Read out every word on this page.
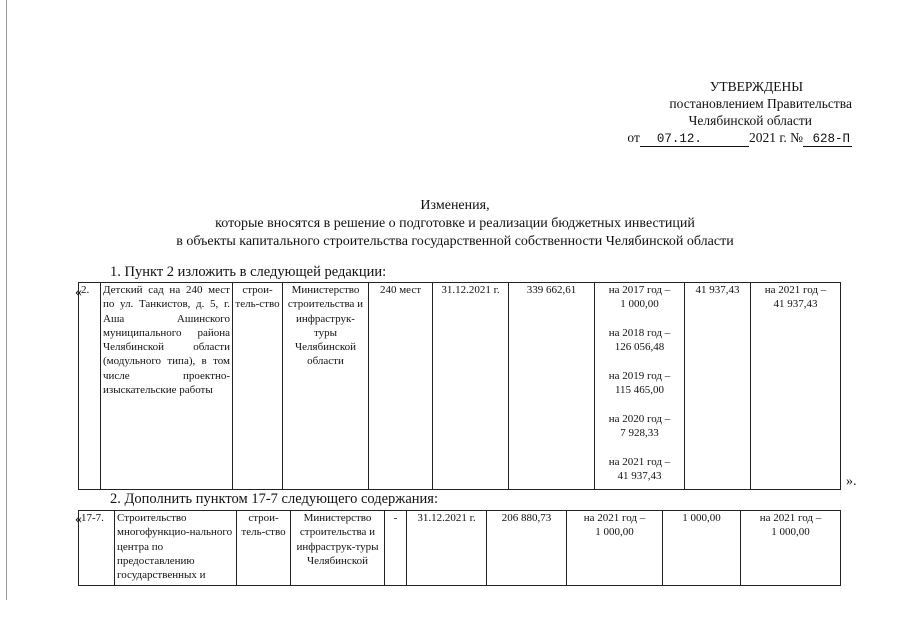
УТВЕРЖДЕНЫ
постановлением Правительства
Челябинской области
от 07.12.	2021 г. № 628-П
Изменения,
которые вносятся в решение о подготовке и реализации бюджетных инвестиций
в объекты капитального строительства государственной собственности Челябинской области
1. Пункт 2 изложить в следующей редакции:
« 2.	Детский сад на 240 мест по ул. Танкистов, д. 5, г. Аша Ашинского муниципального района Челябинской области (модульного типа), в том числе проектно-изыскательские работы	строи-тель-ство	Министерство строительства и инфраструк-туры Челябинской области	240 мест	31.12.2021 г.	339 662,61	на 2017 год –
1 000,00
на 2018 год –
126 056,48
на 2019 год –
115 465,00
на 2020 год –
7 928,33
на 2021 год –
41 937,43
	41 937,43	на 2021 год –
41 937,43
».
2. Дополнить пунктом 17-7 следующего содержания:
« 17-7.	Строительство многофункцио-нального центра по предоставлению государственных и	строи-тель-ство	Министерство строительства и инфраструк-туры Челябинской	-	31.12.2021 г.	206 880,73	на 2021 год –
1 000,00
	1 000,00	на 2021 год –
1 000,00
